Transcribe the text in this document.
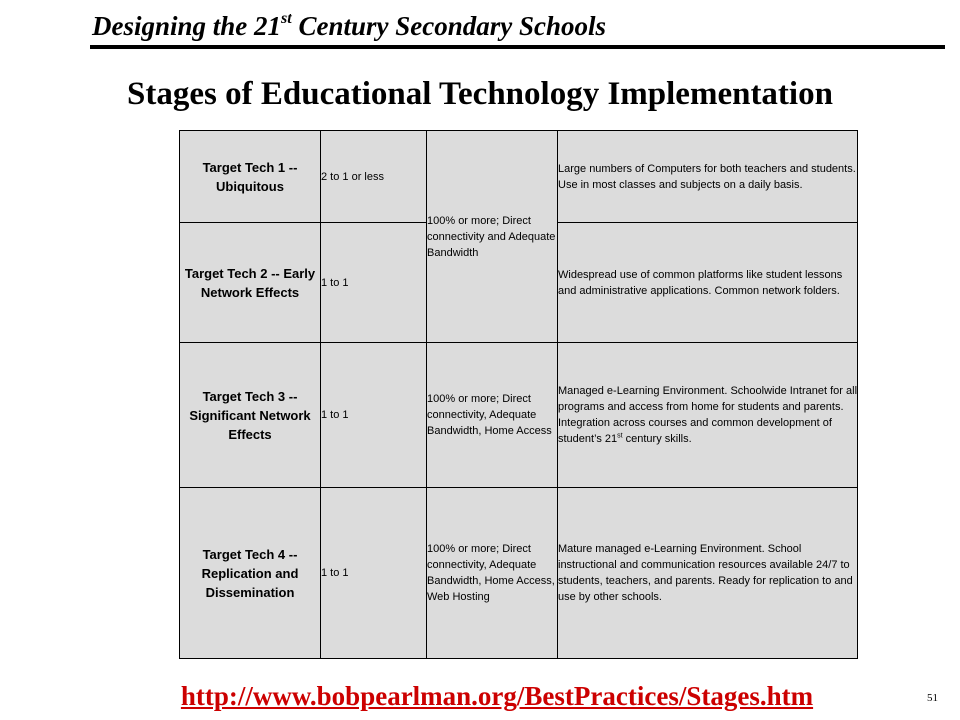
Designing the 21st Century Secondary Schools
Stages of Educational Technology Implementation
Target Tech 1 -- Ubiquitous	2 to 1 or less	100% or more; Direct connectivity and Adequate Bandwidth	Large numbers of Computers for both teachers and students. Use in most classes and subjects on a daily basis.
Target Tech 2 -- Early Network Effects	1 to 1		Widespread use of common platforms like student lessons and administrative applications. Common network folders.
Target Tech 3 -- Significant Network Effects	1 to 1	100% or more; Direct connectivity, Adequate Bandwidth, Home Access	Managed e-Learning Environment. Schoolwide Intranet for all programs and access from home for students and parents. Integration across courses and common development of student’s 21st century skills.
Target Tech 4 -- Replication and Dissemination	1 to 1	100% or more; Direct connectivity, Adequate Bandwidth, Home Access, Web Hosting	Mature managed e-Learning Environment. School instructional and communication resources available 24/7 to students, teachers, and parents. Ready for replication to and use by other schools.
http://www.bobpearlman.org/BestPractices/Stages.htm	51
